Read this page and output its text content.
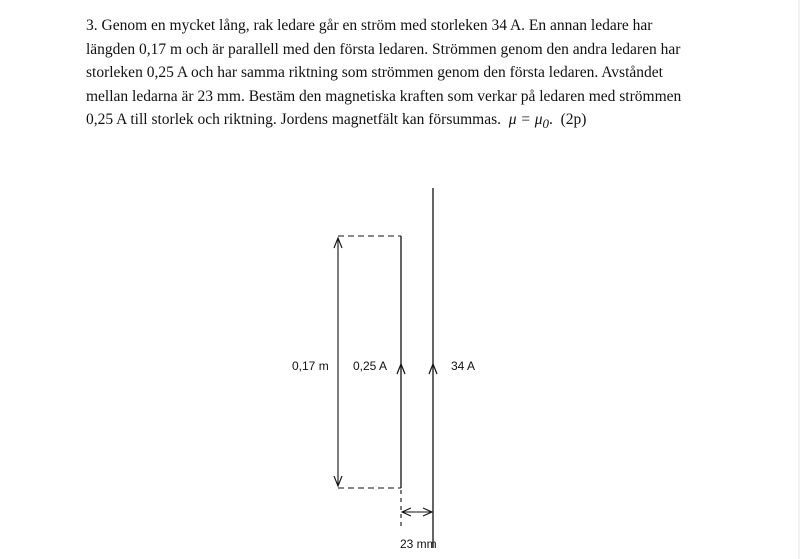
3. Genom en mycket lång, rak ledare går en ström med storleken 34 A. En annan ledare har
längden 0,17 m och är parallell med den första ledaren. Strömmen genom den andra ledaren har
storleken 0,25 A och har samma riktning som strömmen genom den första ledaren. Avståndet
mellan ledarna är 23 mm. Bestäm den magnetiska kraften som verkar på ledaren med strömmen
0,25 A till storlek och riktning. Jordens magnetfält kan försummas. $\mu = \mu_0$. (2p)
0,17 m 0,25 A	34 A
23 mm
